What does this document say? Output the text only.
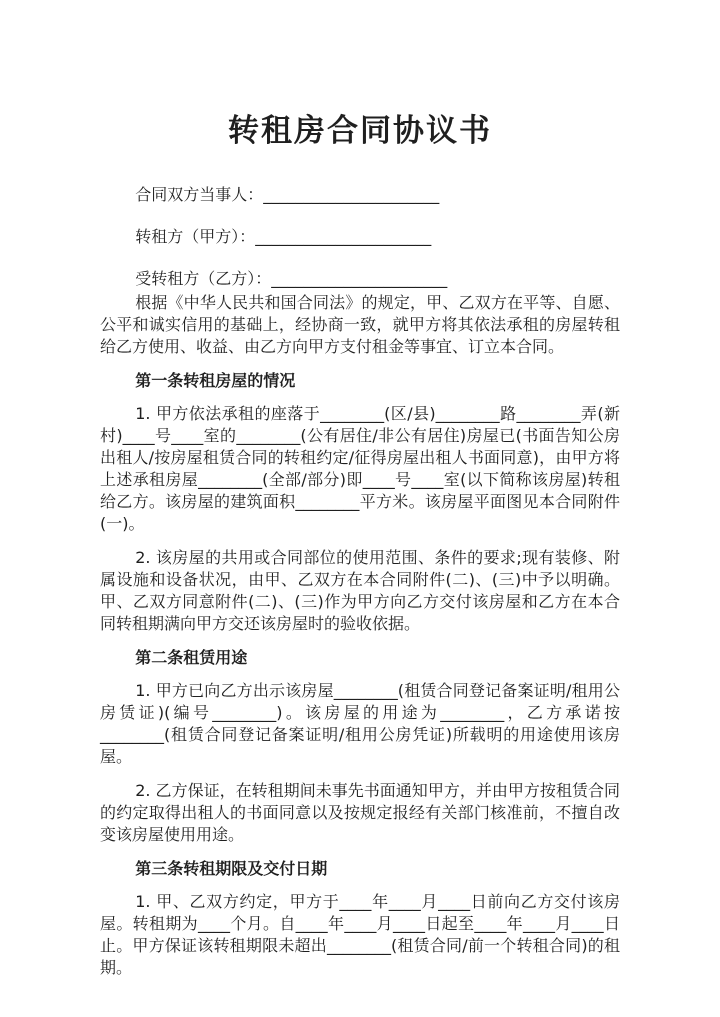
转租房合同协议书

合同双方当事人：______________________

转租方（甲方）：______________________

受转租方（乙方）：______________________

根据《中华人民共和国合同法》的规定，甲、乙双方在平等、自愿、公平和诚实信用的基础上，经协商一致，就甲方将其依法承租的房屋转租给乙方使用、收益、由乙方向甲方支付租金等事宜、订立本合同。

第一条转租房屋的情况

1. 甲方依法承租的座落于________(区/县)________路________弄(新村)____号____室的________(公有居住/非公有居住)房屋已(书面告知公房出租人/按房屋租赁合同的转租约定/征得房屋出租人书面同意)，由甲方将上述承租房屋________(全部/部分)即____号____室(以下简称该房屋)转租给乙方。该房屋的建筑面积________平方米。该房屋平面图见本合同附件(一)。

2. 该房屋的共用或合同部位的使用范围、条件的要求;现有装修、附属设施和设备状况，由甲、乙双方在本合同附件(二)、(三)中予以明确。甲、乙双方同意附件(二)、(三)作为甲方向乙方交付该房屋和乙方在本合同转租期满向甲方交还该房屋时的验收依据。

第二条租赁用途

1. 甲方已向乙方出示该房屋________(租赁合同登记备案证明/租用公房赁证)(编号________)。该房屋的用途为________，乙方承诺按________(租赁合同登记备案证明/租用公房凭证)所载明的用途使用该房屋。

2. 乙方保证，在转租期间未事先书面通知甲方，并由甲方按租赁合同的约定取得出租人的书面同意以及按规定报经有关部门核准前，不擅自改变该房屋使用用途。

第三条转租期限及交付日期

1. 甲、乙双方约定，甲方于____年____月____日前向乙方交付该房屋。转租期为____个月。自____年____月____日起至____年____月____日止。甲方保证该转租期限未超出________(租赁合同/前一个转租合同)的租期。
